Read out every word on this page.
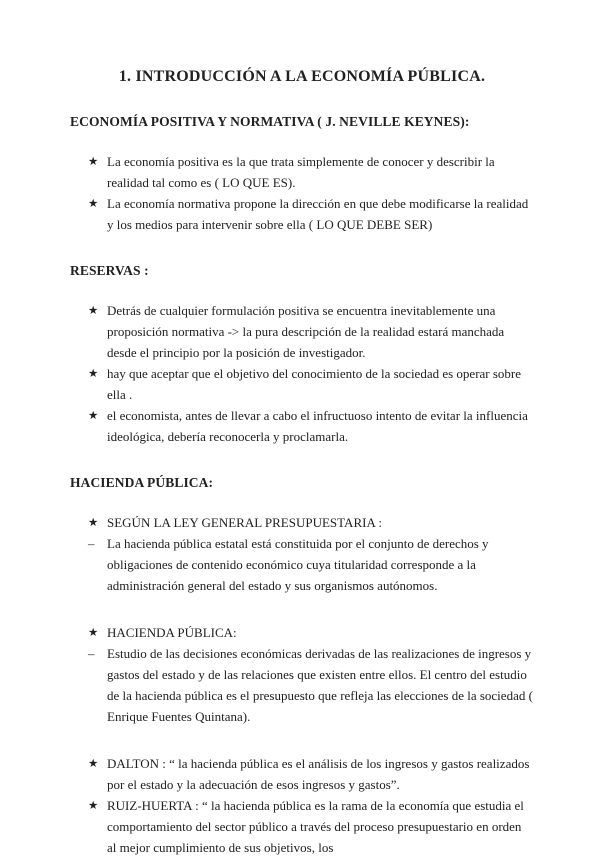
1. INTRODUCCIÓN A LA ECONOMÍA PÚBLICA.
ECONOMÍA POSITIVA Y NORMATIVA ( J. NEVILLE KEYNES):
★ La economía positiva es la que trata simplemente de conocer y describir la realidad tal como es ( LO QUE ES).
★ La economía normativa propone la dirección en que debe modificarse la realidad y los medios para intervenir sobre ella ( LO QUE DEBE SER)
RESERVAS :
★ Detrás de cualquier formulación positiva se encuentra inevitablemente una proposición normativa -> la pura descripción de la realidad estará manchada desde el principio por la posición de investigador.
★ hay que aceptar que el objetivo del conocimiento de la sociedad es operar sobre ella .
★ el economista, antes de llevar a cabo el infructuoso intento de evitar la influencia ideológica, debería reconocerla y proclamarla.
HACIENDA PÚBLICA:
★ SEGÚN LA LEY GENERAL PRESUPUESTARIA :
– La hacienda pública estatal está constituida por el conjunto de derechos y obligaciones de contenido económico cuya titularidad corresponde a la administración general del estado y sus organismos autónomos.
★ HACIENDA PÚBLICA:
– Estudio de las decisiones económicas derivadas de las realizaciones de ingresos y gastos del estado y de las relaciones que existen entre ellos. El centro del estudio de la hacienda pública es el presupuesto que refleja las elecciones de la sociedad ( Enrique Fuentes Quintana).
★ DALTON : “ la hacienda pública es el análisis de los ingresos y gastos realizados por el estado y la adecuación de esos ingresos y gastos”.
★ RUIZ-HUERTA : “ la hacienda pública es la rama de la economía que estudia el comportamiento del sector público a través del proceso presupuestario en orden al mejor cumplimiento de sus objetivos, los
